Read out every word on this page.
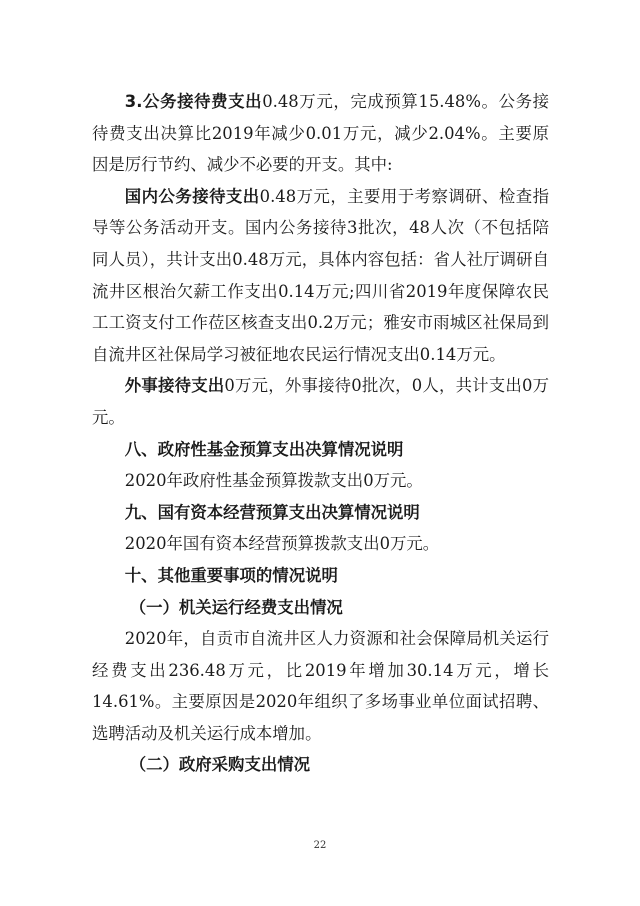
3.公务接待费支出0.48万元，完成预算15.48%。公务接待费支出决算比2019年减少0.01万元，减少2.04%。主要原因是厉行节约、减少不必要的开支。其中:

国内公务接待支出0.48万元，主要用于考察调研、检查指导等公务活动开支。国内公务接待3批次，48人次（不包括陪同人员），共计支出0.48万元，具体内容包括：省人社厅调研自流井区根治欠薪工作支出0.14万元;四川省2019年度保障农民工工资支付工作莅区核查支出0.2万元；雅安市雨城区社保局到自流井区社保局学习被征地农民运行情况支出0.14万元。

外事接待支出0万元，外事接待0批次，0人，共计支出0万元。

八、政府性基金预算支出决算情况说明

2020年政府性基金预算拨款支出0万元。

九、国有资本经营预算支出决算情况说明

2020年国有资本经营预算拨款支出0万元。

十、其他重要事项的情况说明

（一）机关运行经费支出情况

2020年，自贡市自流井区人力资源和社会保障局机关运行经费支出236.48万元，比2019年增加30.14万元，增长14.61%。主要原因是2020年组织了多场事业单位面试招聘、选聘活动及机关运行成本增加。

（二）政府采购支出情况

22
